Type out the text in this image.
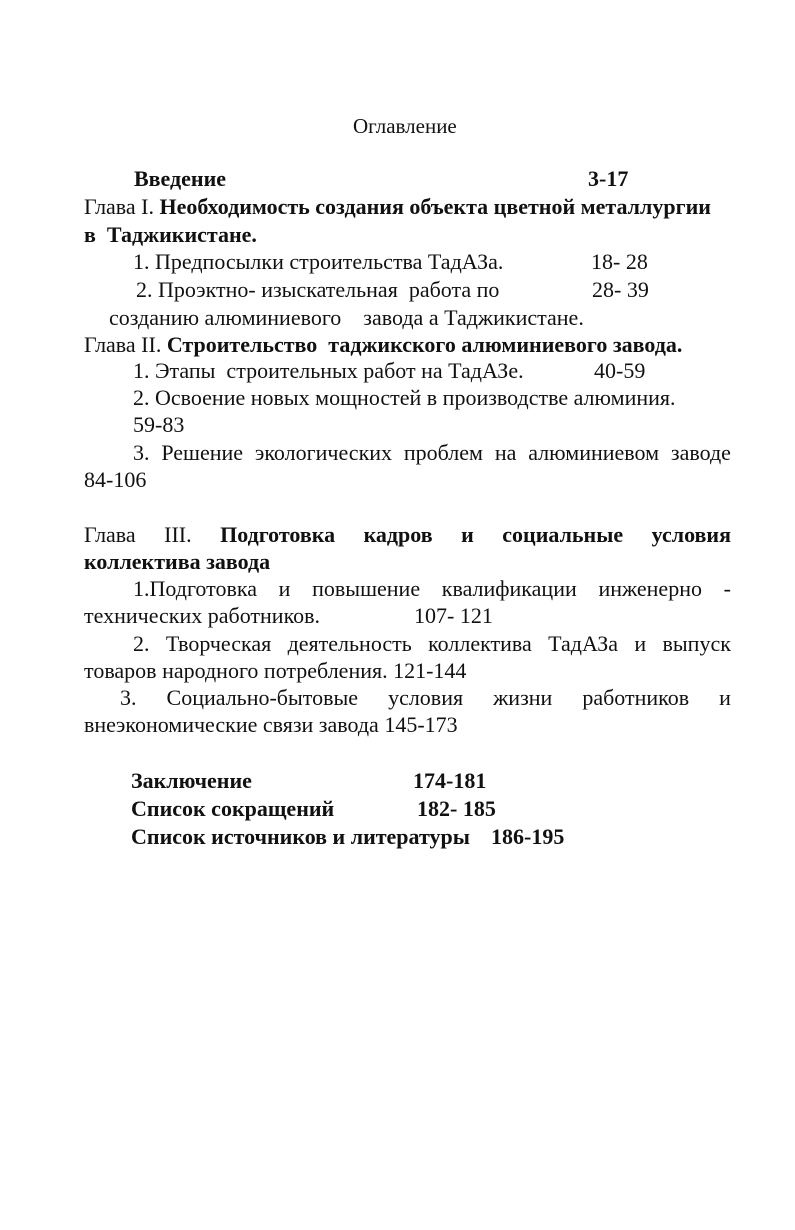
Оглавление
Введение	3-17
Глава I. Необходимость создания объекта цветной металлургии
в  Таджикистане.
1. Предпосылки строительства ТадАЗа.	18- 28
2. Проэктно- изыскательная  работа по	28- 39
созданию алюминиевого    завода а Таджикистане.
Глава II. Строительство  таджикского алюминиевого завода.
1. Этапы  строительных работ на ТадАЗе.	40-59
2. Освоение новых мощностей в производстве алюминия.
59-83
3. Решение экологических проблем на алюминиевом заводе
84-106
Глава III. Подготовка кадров и социальные условия
коллектива завода
1.Подготовка и повышение квалификации инженерно -
технических работников.	107- 121
2. Творческая деятельность коллектива ТадАЗа и выпуск
товаров народного потребления. 121-144
3. Социально-бытовые условия жизни работников и
внеэкономические связи завода 145-173
Заключение	174-181
Список сокращений	182- 185
Список источников и литературы 186-195
